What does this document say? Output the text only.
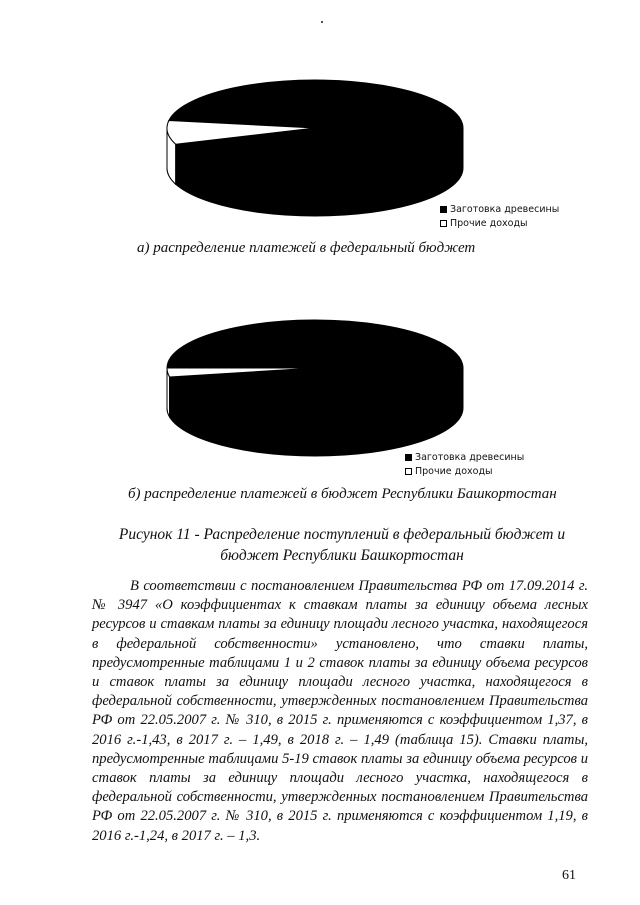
Заготовка древесины
Прочие доходы
а) распределение платежей в федеральный бюджет
Заготовка древесины
Прочие доходы
б) распределение платежей в бюджет Республики Башкортостан
Рисунок 11 - Распределение поступлений в федеральный бюджет и бюджет Республики Башкортостан

В соответствии с постановлением Правительства РФ от 17.09.2014 г. № 3947 «О коэффициентах к ставкам платы за единицу объема лесных ресурсов и ставкам платы за единицу площади лесного участка, находящегося в федеральной собственности» установлено, что ставки платы, предусмотренные таблицами 1 и 2 ставок платы за единицу объема ресурсов и ставок платы за единицу площади лесного участка, находящегося в федеральной собственности, утвержденных постановлением Правительства РФ от 22.05.2007 г. № 310, в 2015 г. применяются с коэффициентом 1,37, в 2016 г.-1,43, в 2017 г. – 1,49, в 2018 г. – 1,49 (таблица 15). Ставки платы, предусмотренные таблицами 5-19 ставок платы за единицу объема ресурсов и ставок платы за единицу площади лесного участка, находящегося в федеральной собственности, утвержденных постановлением Правительства РФ от 22.05.2007 г. № 310, в 2015 г. применяются с коэффициентом 1,19, в 2016 г.-1,24, в 2017 г. – 1,3.

61
